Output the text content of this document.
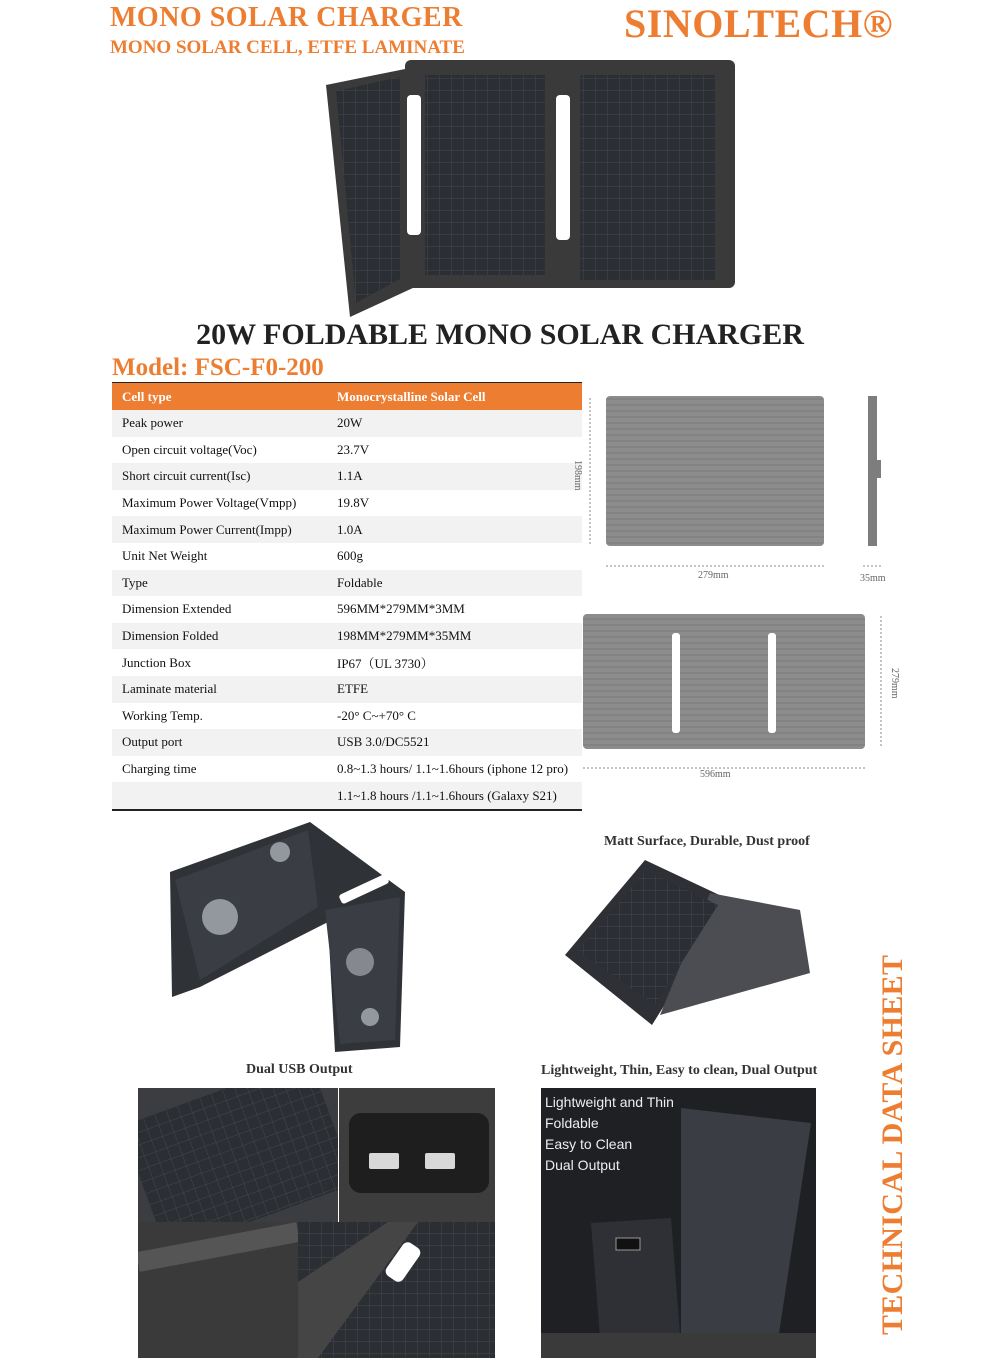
MONO SOLAR CHARGER
MONO SOLAR CELL, ETFE LAMINATE
SINOLTECH®
20W FOLDABLE MONO SOLAR CHARGER
Model: FSC-F0-200
Cell type	Monocrystalline Solar Cell
Peak power	20W
Open circuit voltage(Voc)	23.7V
Short circuit current(Isc)	1.1A
Maximum Power Voltage(Vmpp)	19.8V
Maximum Power Current(Impp)	1.0A
Unit Net Weight	600g
Type	Foldable
Dimension Extended	596MM*279MM*3MM
Dimension Folded	198MM*279MM*35MM
Junction Box	IP67（UL 3730）
Laminate material	ETFE
Working Temp.	-20° C~+70° C
Output port	USB 3.0/DC5521
Charging time	0.8~1.3 hours/ 1.1~1.6hours (iphone 12 pro)
	1.1~1.8 hours /1.1~1.6hours (Galaxy S21)
198mm
279mm	35mm
279mm
596mm
Matt Surface, Durable, Dust proof
Dual USB Output	Lightweight, Thin, Easy to clean, Dual Output
Lightweight and Thin
Foldable
Easy to Clean
Dual Output
TECHNICAL DATA SHEET
